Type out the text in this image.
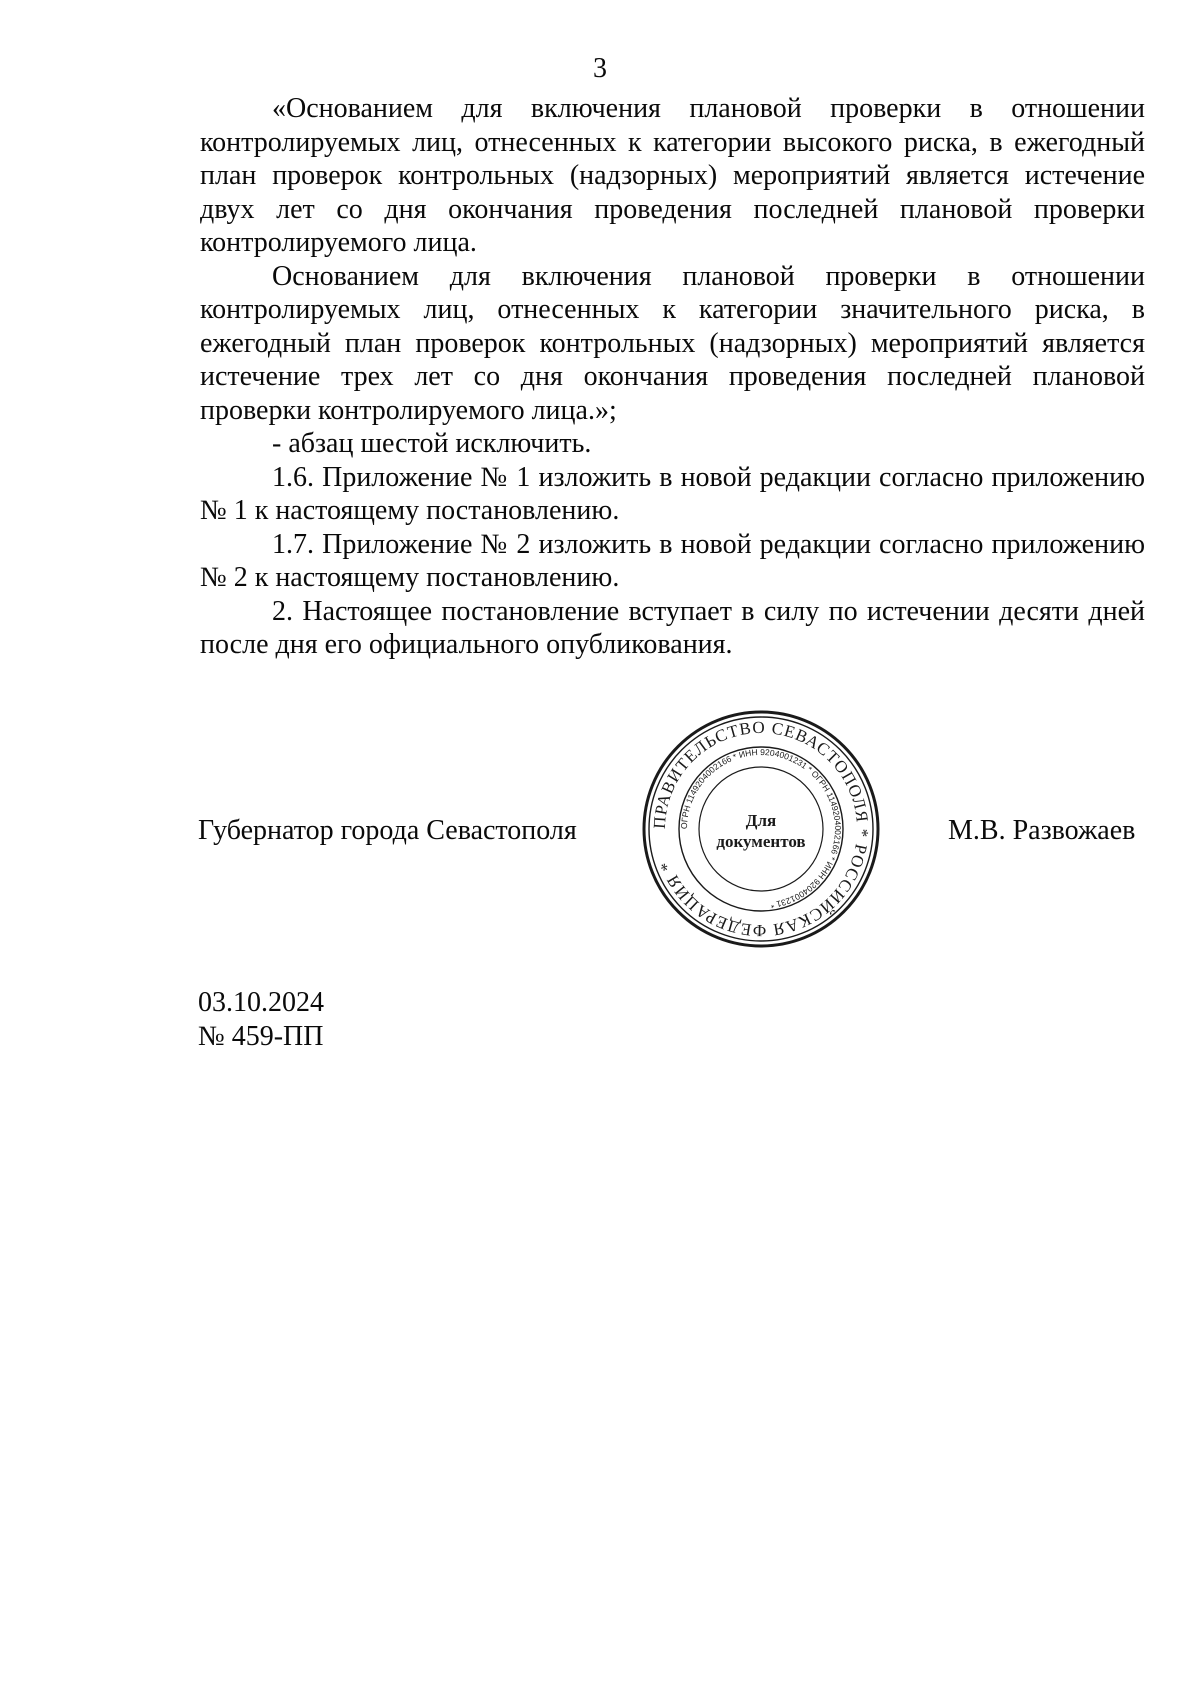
3

«Основанием для включения плановой проверки в отношении контролируемых лиц, отнесенных к категории высокого риска, в ежегодный план проверок контрольных (надзорных) мероприятий является истечение двух лет со дня окончания проведения последней плановой проверки контролируемого лица.

Основанием для включения плановой проверки в отношении контролируемых лиц, отнесенных к категории значительного риска, в ежегодный план проверок контрольных (надзорных) мероприятий является истечение трех лет со дня окончания проведения последней плановой проверки контролируемого лица.»;

- абзац шестой исключить.

1.6. Приложение № 1 изложить в новой редакции согласно приложению № 1 к настоящему постановлению.

1.7. Приложение № 2 изложить в новой редакции согласно приложению № 2 к настоящему постановлению.

2. Настоящее постановление вступает в силу по истечении десяти дней после дня его официального опубликования.

Губернатор города Севастополя	ПРАВИТЕЛЬСТВО СЕВАСТОПОЛЯ * РОССИЙСКАЯ ФЕДЕРАЦИЯ *
ОГРН 1149204002166 * ИНН 9204001231 * ОГРН 1149204002166 * ИНН 9204001231 *
Для
документов	М.В. Развожаев
03.10.2024
№ 459-ПП
